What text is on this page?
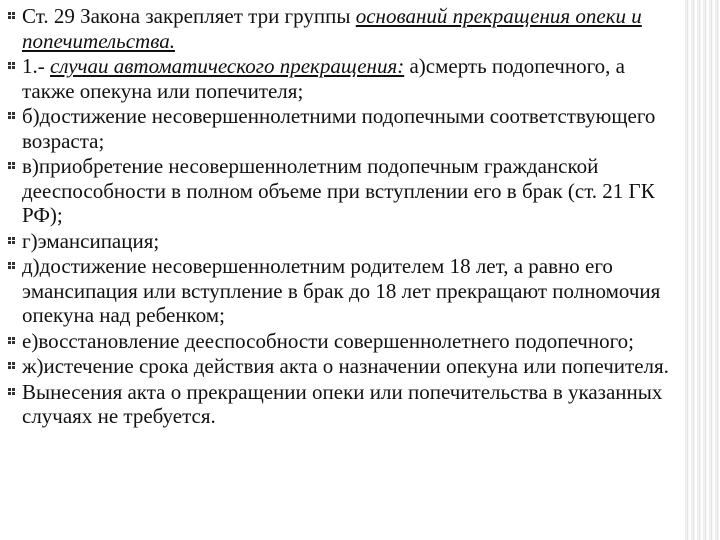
Ст. 29 Закона закрепляет три группы оснований прекращения опеки и попечительства.
1.- случаи автоматического прекращения: а)смерть подопечного, а также опекуна или попечителя;
б)достижение несовершеннолетними подопечными соответствующего возраста;
в)приобретение несовершеннолетним подопечным гражданской дееспособности в полном объеме при вступлении его в брак (ст. 21 ГК РФ);
г)эмансипация;
д)достижение несовершеннолетним родителем 18 лет, а равно его эмансипация или вступление в брак до 18 лет прекращают полномочия опекуна над ребенком;
е)восстановление дееспособности совершеннолетнего подопечного;
ж)истечение срока действия акта о назначении опекуна или попечителя.
Вынесения акта о прекращении опеки или попечительства в указанных случаях не требуется.
